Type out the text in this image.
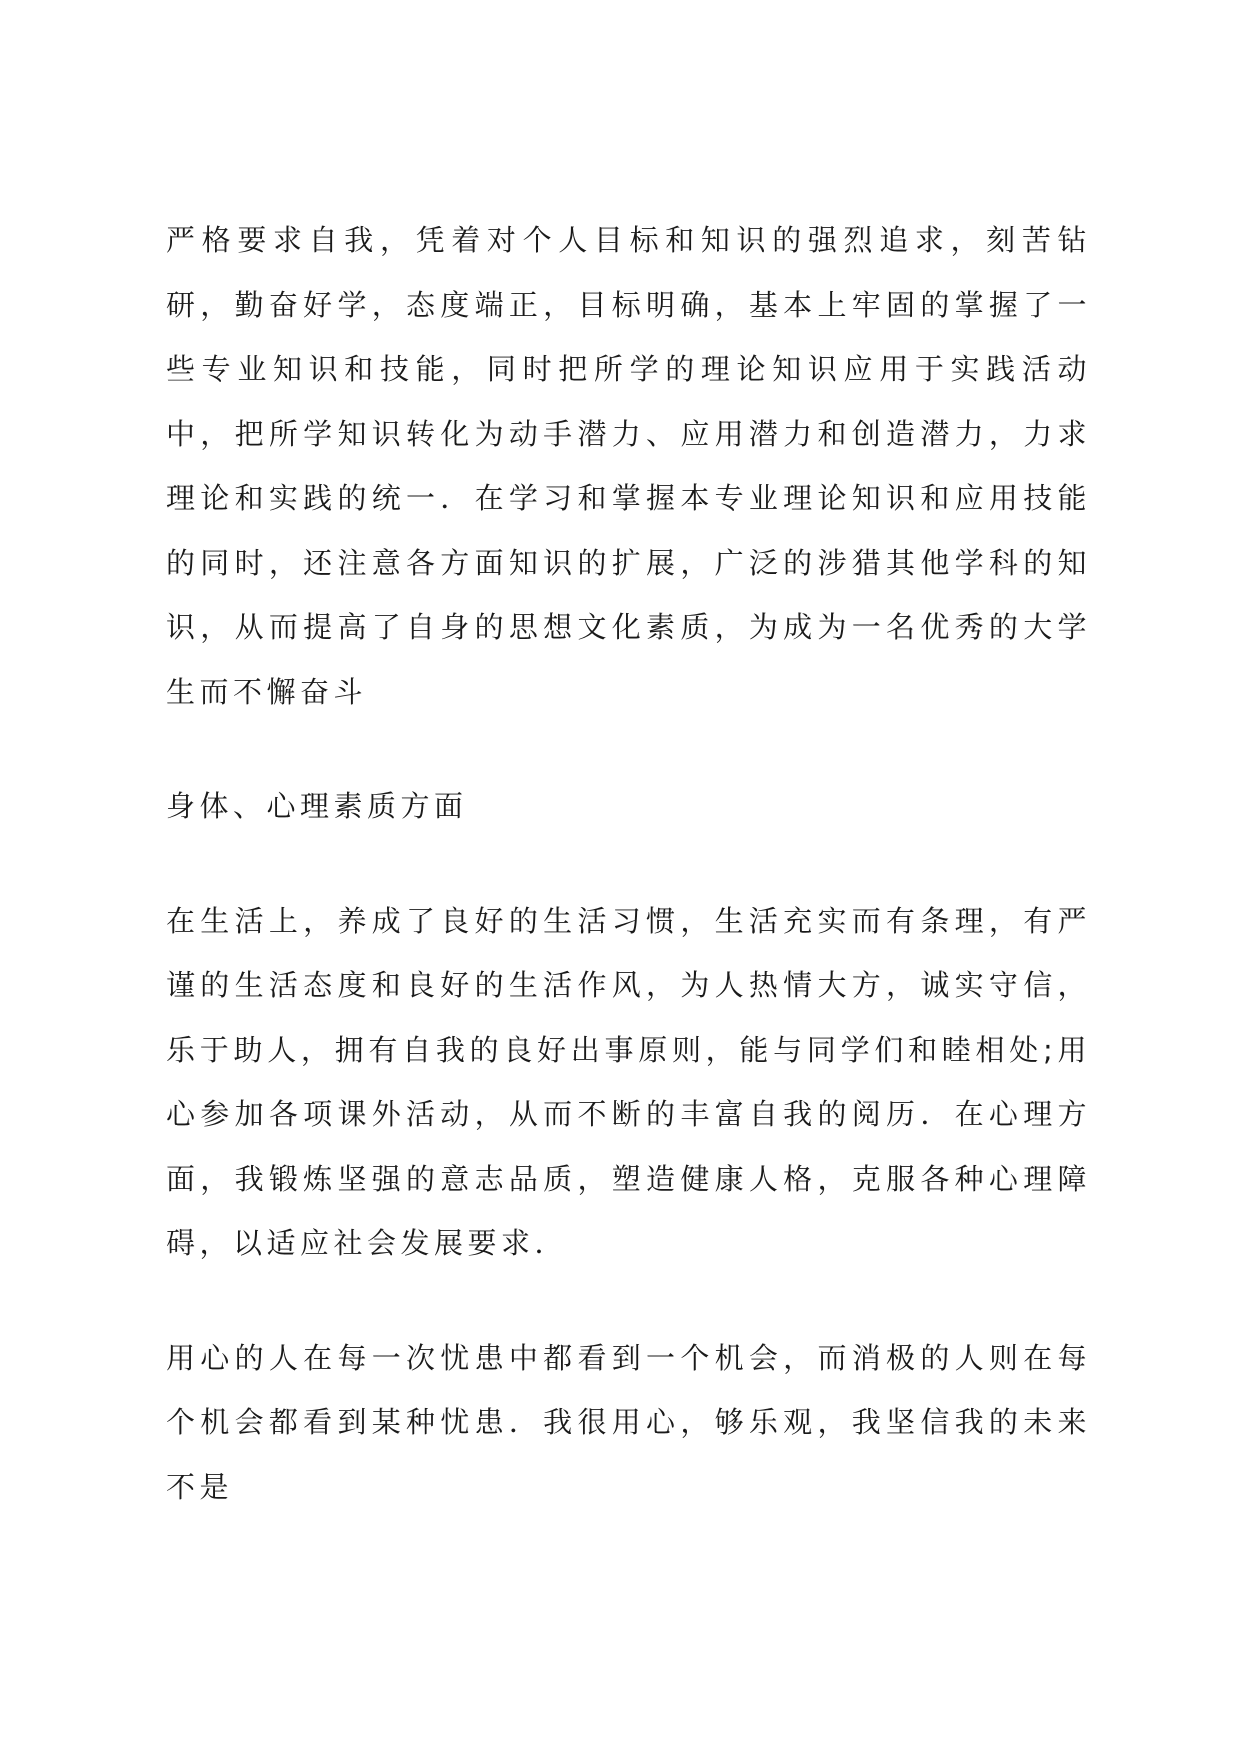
严格要求自我，凭着对个人目标和知识的强烈追求，刻苦钻研，勤奋好学，态度端正，目标明确，基本上牢固的掌握了一些专业知识和技能，同时把所学的理论知识应用于实践活动中，把所学知识转化为动手潜力、应用潜力和创造潜力，力求理论和实践的统一．在学习和掌握本专业理论知识和应用技能的同时，还注意各方面知识的扩展，广泛的涉猎其他学科的知识，从而提高了自身的思想文化素质，为成为一名优秀的大学生而不懈奋斗

身体、心理素质方面

在生活上，养成了良好的生活习惯，生活充实而有条理，有严谨的生活态度和良好的生活作风，为人热情大方，诚实守信，乐于助人，拥有自我的良好出事原则，能与同学们和睦相处;用心参加各项课外活动，从而不断的丰富自我的阅历．在心理方面，我锻炼坚强的意志品质，塑造健康人格，克服各种心理障碍，以适应社会发展要求．

用心的人在每一次忧患中都看到一个机会，而消极的人则在每个机会都看到某种忧患．我很用心，够乐观，我坚信我的未来不是
